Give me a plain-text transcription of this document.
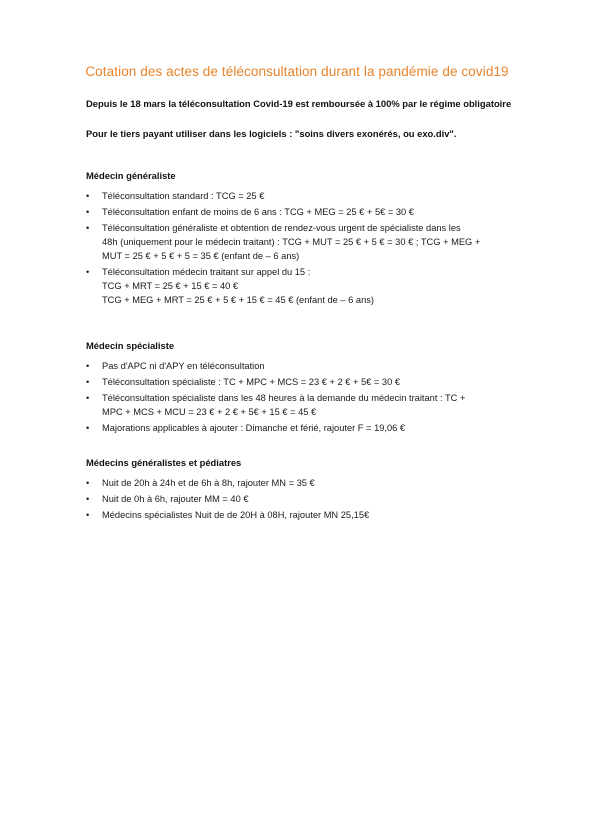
Cotation des actes de téléconsultation durant la pandémie de covid19
Depuis le 18 mars la téléconsultation Covid-19 est remboursée à 100% par le régime obligatoire
Pour le tiers payant utiliser dans les logiciels : "soins divers exonérés, ou exo.div".
Médecin généraliste
• Téléconsultation standard : TCG = 25 €
• Téléconsultation enfant de moins de 6 ans : TCG + MEG = 25 € + 5€ = 30 €
• Téléconsultation généraliste et obtention de rendez-vous urgent de spécialiste dans les
48h (uniquement pour le médecin traitant) : TCG + MUT = 25 € + 5 € = 30 € ; TCG + MEG +
MUT = 25 € + 5 € + 5 = 35 € (enfant de – 6 ans)
• Téléconsultation médecin traitant sur appel du 15 :
TCG + MRT = 25 € + 15 € = 40 €
TCG + MEG + MRT = 25 € + 5 € + 15 € = 45 € (enfant de – 6 ans)
Médecin spécialiste
• Pas d'APC ni d'APY en téléconsultation
• Téléconsultation spécialiste : TC + MPC + MCS = 23 € + 2 € + 5€ = 30 €
• Téléconsultation spécialiste dans les 48 heures à la demande du médecin traitant : TC +
MPC + MCS + MCU = 23 € + 2 € + 5€ + 15 € = 45 €
• Majorations applicables à ajouter : Dimanche et férié, rajouter F = 19,06 €
Médecins généralistes et pédiatres
• Nuit de 20h à 24h et de 6h à 8h, rajouter MN = 35 €
• Nuit de 0h à 6h, rajouter MM = 40 €
• Médecins spécialistes Nuit de de 20H à 08H, rajouter MN 25,15€
